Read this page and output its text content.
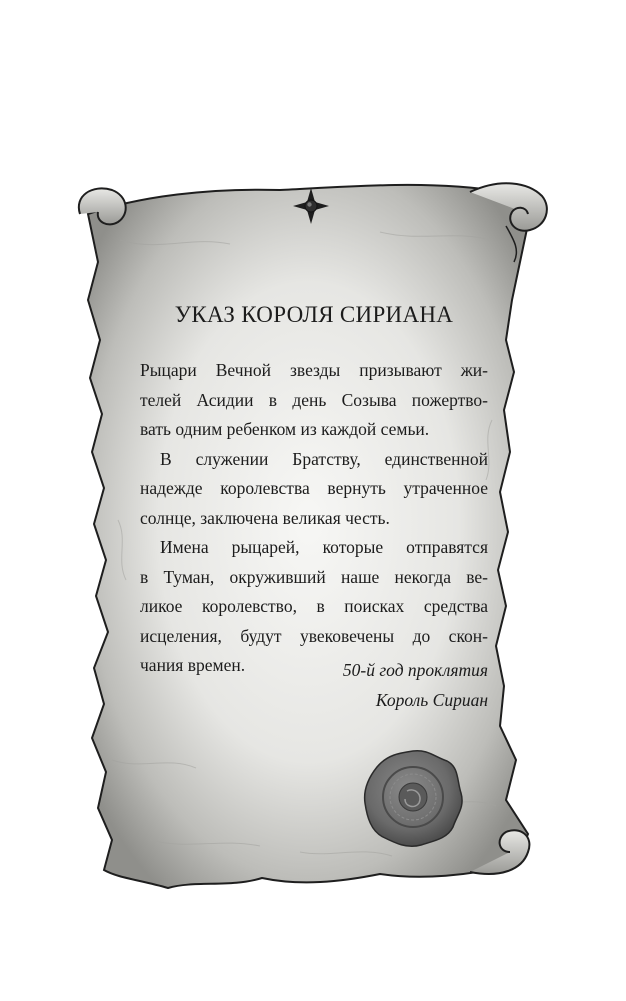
УКАЗ КОРОЛЯ СИРИАНА

Рыцари Вечной звезды призывают жи-
телей Асидии в день Созыва пожертво-
вать одним ребенком из каждой семьи.

В служении Братству, единственной
надежде королевства вернуть утраченное
солнце, заключена великая честь.

Имена рыцарей, которые отправятся
в Туман, окруживший наше некогда ве-
ликое королевство, в поисках средства
исцеления, будут увековечены до скон-
чания времен.	50-й год проклятия
Король Сириан
